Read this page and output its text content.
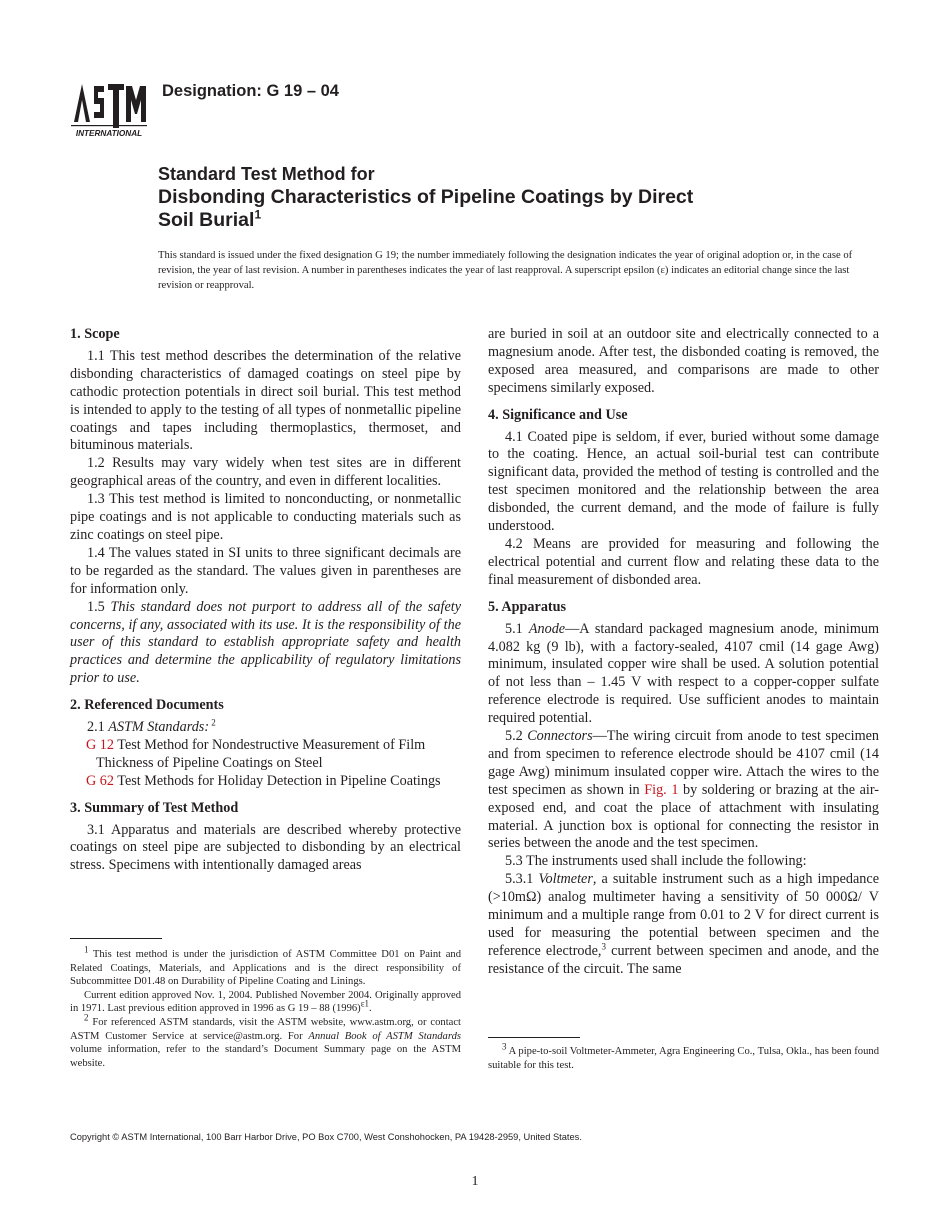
INTERNATIONAL
Designation: G 19 – 04
Standard Test Method for
Disbonding Characteristics of Pipeline Coatings by Direct
Soil Burial$^1$
This standard is issued under the fixed designation G 19; the number immediately following the designation indicates the year of original adoption or, in the case of revision, the year of last revision. A number in parentheses indicates the year of last reapproval. A superscript epsilon (ε) indicates an editorial change since the last revision or reapproval.

1. Scope

1.1 This test method describes the determination of the relative disbonding characteristics of damaged coatings on steel pipe by cathodic protection potentials in direct soil burial. This test method is intended to apply to the testing of all types of nonmetallic pipeline coatings and tapes including thermoplastics, thermoset, and bituminous materials.

1.2 Results may vary widely when test sites are in different geographical areas of the country, and even in different localities.

1.3 This test method is limited to nonconducting, or nonmetallic pipe coatings and is not applicable to conducting materials such as zinc coatings on steel pipe.

1.4 The values stated in SI units to three significant decimals are to be regarded as the standard. The values given in parentheses are for information only.

1.5 This standard does not purport to address all of the safety concerns, if any, associated with its use. It is the responsibility of the user of this standard to establish appropriate safety and health practices and determine the applicability of regulatory limitations prior to use.

2. Referenced Documents

2.1 ASTM Standards: $^2$

G 12 Test Method for Nondestructive Measurement of Film Thickness of Pipeline Coatings on Steel

G 62 Test Methods for Holiday Detection in Pipeline Coatings

3. Summary of Test Method

3.1 Apparatus and materials are described whereby protective coatings on steel pipe are subjected to disbonding by an electrical stress. Specimens with intentionally damaged areas

are buried in soil at an outdoor site and electrically connected to a magnesium anode. After test, the disbonded coating is removed, the exposed area measured, and comparisons are made to other specimens similarly exposed.

4. Significance and Use

4.1 Coated pipe is seldom, if ever, buried without some damage to the coating. Hence, an actual soil-burial test can contribute significant data, provided the method of testing is controlled and the test specimen monitored and the relationship between the area disbonded, the current demand, and the mode of failure is fully understood.

4.2 Means are provided for measuring and following the electrical potential and current flow and relating these data to the final measurement of disbonded area.

5. Apparatus

5.1 Anode—A standard packaged magnesium anode, minimum 4.082 kg (9 lb), with a factory-sealed, 4107 cmil (14 gage Awg) minimum, insulated copper wire shall be used. A solution potential of not less than – 1.45 V with respect to a copper-copper sulfate reference electrode is required. Use sufficient anodes to maintain required potential.

5.2 Connectors—The wiring circuit from anode to test specimen and from specimen to reference electrode should be 4107 cmil (14 gage Awg) minimum insulated copper wire. Attach the wires to the test specimen as shown in Fig. 1 by soldering or brazing at the air-exposed end, and coat the place of attachment with insulating material. A junction box is optional for connecting the resistor in series between the anode and the test specimen.

5.3 The instruments used shall include the following:

5.3.1 Voltmeter, a suitable instrument such as a high impedance (>10mΩ) analog multimeter having a sensitivity of 50 000Ω/ V minimum and a multiple range from 0.01 to 2 V for direct current is used for measuring the potential between specimen and the reference electrode,$^3$ current between specimen and anode, and the resistance of the circuit. The same

$^1$ This test method is under the jurisdiction of ASTM Committee D01 on Paint and Related Coatings, Materials, and Applications and is the direct responsibility of Subcommittee D01.48 on Durability of Pipeline Coating and Linings.

Current edition approved Nov. 1, 2004. Published November 2004. Originally approved in 1971. Last previous edition approved in 1996 as G 19 – 88 $(1996)^{\varepsilon 1}$.

$^2$ For referenced ASTM standards, visit the ASTM website, www.astm.org, or contact ASTM Customer Service at service@astm.org. For Annual Book of ASTM Standards volume information, refer to the standard’s Document Summary page on the ASTM website.

$^3$ A pipe-to-soil Voltmeter-Ammeter, Agra Engineering Co., Tulsa, Okla., has been found suitable for this test.

Copyright © ASTM International, 100 Barr Harbor Drive, PO Box C700, West Conshohocken, PA 19428-2959, United States.
1
